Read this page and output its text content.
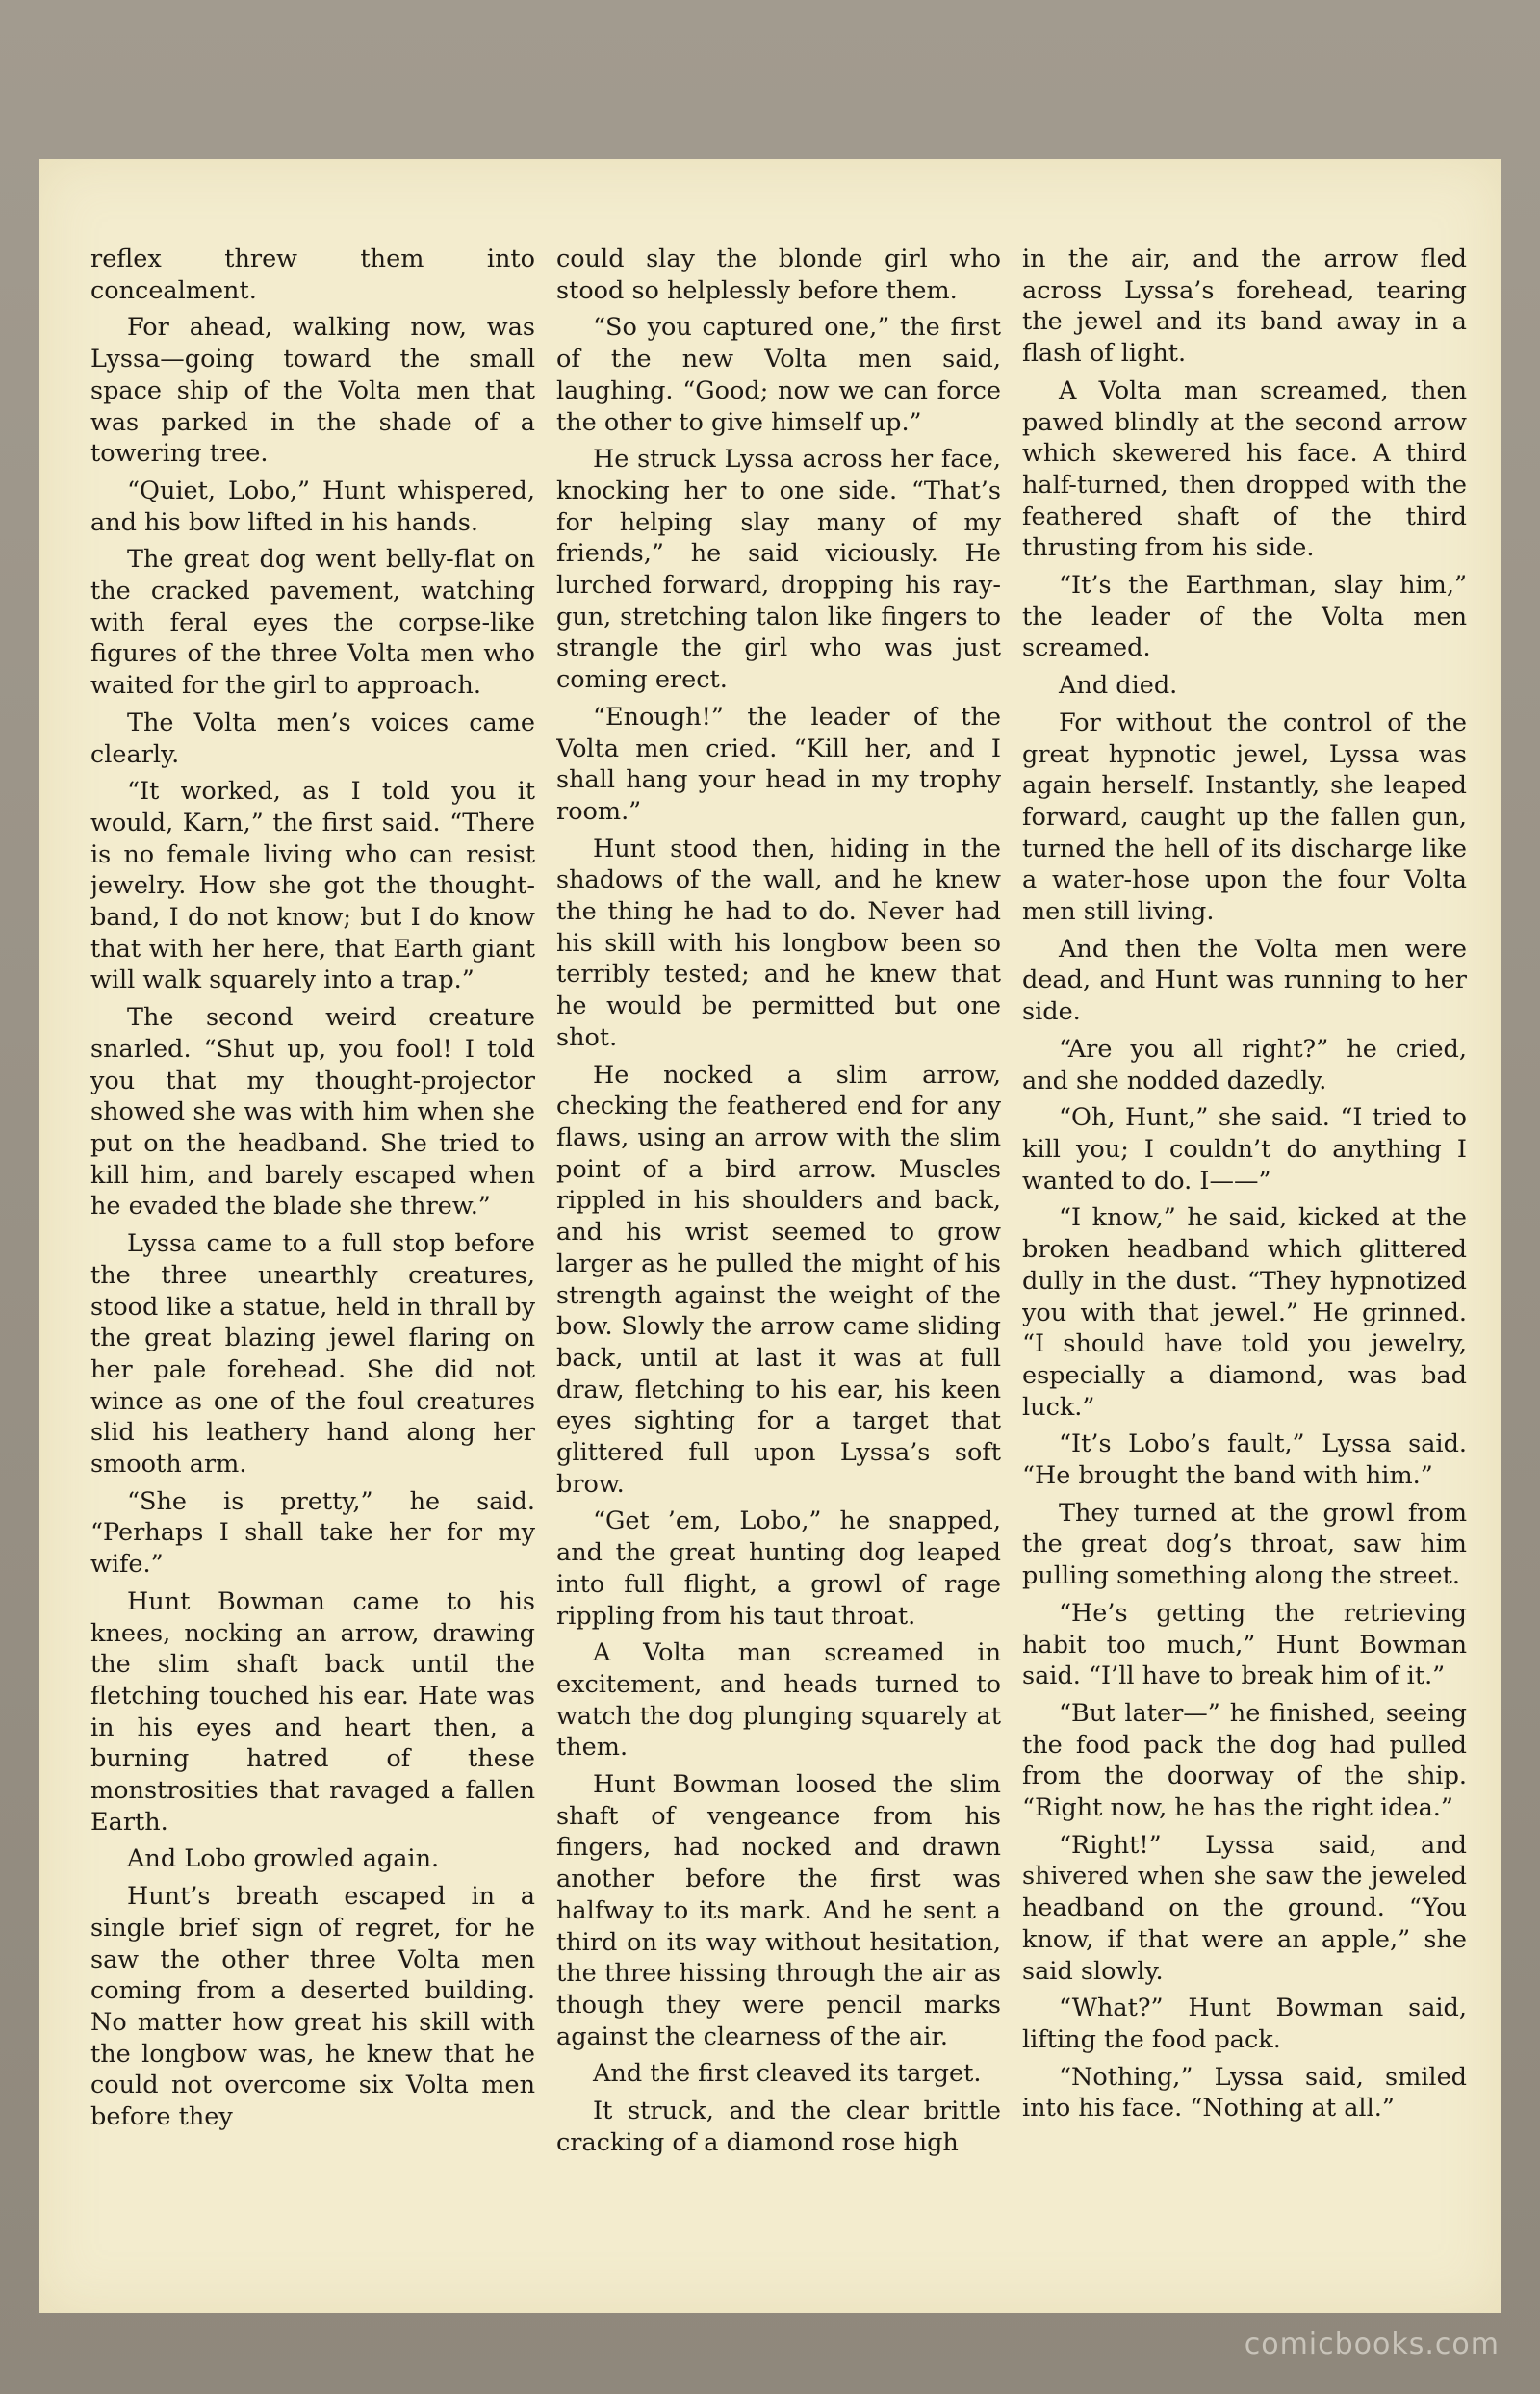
reflex threw them into concealment.

For ahead, walking now, was Lyssa—going toward the small space ship of the Volta men that was parked in the shade of a towering tree.

“Quiet, Lobo,” Hunt whispered, and his bow lifted in his hands.

The great dog went belly-flat on the cracked pavement, watching with feral eyes the corpse-like figures of the three Volta men who waited for the girl to approach.

The Volta men’s voices came clearly.

“It worked, as I told you it would, Karn,” the first said. “There is no female living who can resist jewelry. How she got the thought-band, I do not know; but I do know that with her here, that Earth giant will walk squarely into a trap.”

The second weird creature snarled. “Shut up, you fool! I told you that my thought-projector showed she was with him when she put on the headband. She tried to kill him, and barely escaped when he evaded the blade she threw.”

Lyssa came to a full stop before the three unearthly creatures, stood like a statue, held in thrall by the great blazing jewel flaring on her pale forehead. She did not wince as one of the foul creatures slid his leathery hand along her smooth arm.

“She is pretty,” he said. “Perhaps I shall take her for my wife.”

Hunt Bowman came to his knees, nocking an arrow, drawing the slim shaft back until the fletching touched his ear. Hate was in his eyes and heart then, a burning hatred of these monstrosities that ravaged a fallen Earth.

And Lobo growled again.

Hunt’s breath escaped in a single brief sign of regret, for he saw the other three Volta men coming from a deserted building. No matter how great his skill with the longbow was, he knew that he could not overcome six Volta men before they

could slay the blonde girl who stood so helplessly before them.

“So you captured one,” the first of the new Volta men said, laughing. “Good; now we can force the other to give himself up.”

He struck Lyssa across her face, knocking her to one side. “That’s for helping slay many of my friends,” he said viciously. He lurched forward, dropping his ray-gun, stretching talon like fingers to strangle the girl who was just coming erect.

“Enough!” the leader of the Volta men cried. “Kill her, and I shall hang your head in my trophy room.”

Hunt stood then, hiding in the shadows of the wall, and he knew the thing he had to do. Never had his skill with his longbow been so terribly tested; and he knew that he would be permitted but one shot.

He nocked a slim arrow, checking the feathered end for any flaws, using an arrow with the slim point of a bird arrow. Muscles rippled in his shoulders and back, and his wrist seemed to grow larger as he pulled the might of his strength against the weight of the bow. Slowly the arrow came sliding back, until at last it was at full draw, fletching to his ear, his keen eyes sighting for a target that glittered full upon Lyssa’s soft brow.

“Get ’em, Lobo,” he snapped, and the great hunting dog leaped into full flight, a growl of rage rippling from his taut throat.

A Volta man screamed in excitement, and heads turned to watch the dog plunging squarely at them.

Hunt Bowman loosed the slim shaft of vengeance from his fingers, had nocked and drawn another before the first was halfway to its mark. And he sent a third on its way without hesitation, the three hissing through the air as though they were pencil marks against the clearness of the air.

And the first cleaved its target.

It struck, and the clear brittle cracking of a diamond rose high

in the air, and the arrow fled across Lyssa’s forehead, tearing the jewel and its band away in a flash of light.

A Volta man screamed, then pawed blindly at the second arrow which skewered his face. A third half-turned, then dropped with the feathered shaft of the third thrusting from his side.

“It’s the Earthman, slay him,” the leader of the Volta men screamed.

And died.

For without the control of the great hypnotic jewel, Lyssa was again herself. Instantly, she leaped forward, caught up the fallen gun, turned the hell of its discharge like a water-hose upon the four Volta men still living.

And then the Volta men were dead, and Hunt was running to her side.

“Are you all right?” he cried, and she nodded dazedly.

“Oh, Hunt,” she said. “I tried to kill you; I couldn’t do anything I wanted to do. I——”

“I know,” he said, kicked at the broken headband which glittered dully in the dust. “They hypnotized you with that jewel.” He grinned. “I should have told you jewelry, especially a diamond, was bad luck.”

“It’s Lobo’s fault,” Lyssa said. “He brought the band with him.”

They turned at the growl from the great dog’s throat, saw him pulling something along the street.

“He’s getting the retrieving habit too much,” Hunt Bowman said. “I’ll have to break him of it.”

“But later—” he finished, seeing the food pack the dog had pulled from the doorway of the ship. “Right now, he has the right idea.”

“Right!” Lyssa said, and shivered when she saw the jeweled headband on the ground. “You know, if that were an apple,” she said slowly.

“What?” Hunt Bowman said, lifting the food pack.

“Nothing,” Lyssa said, smiled into his face. “Nothing at all.”

comicbooks.com
